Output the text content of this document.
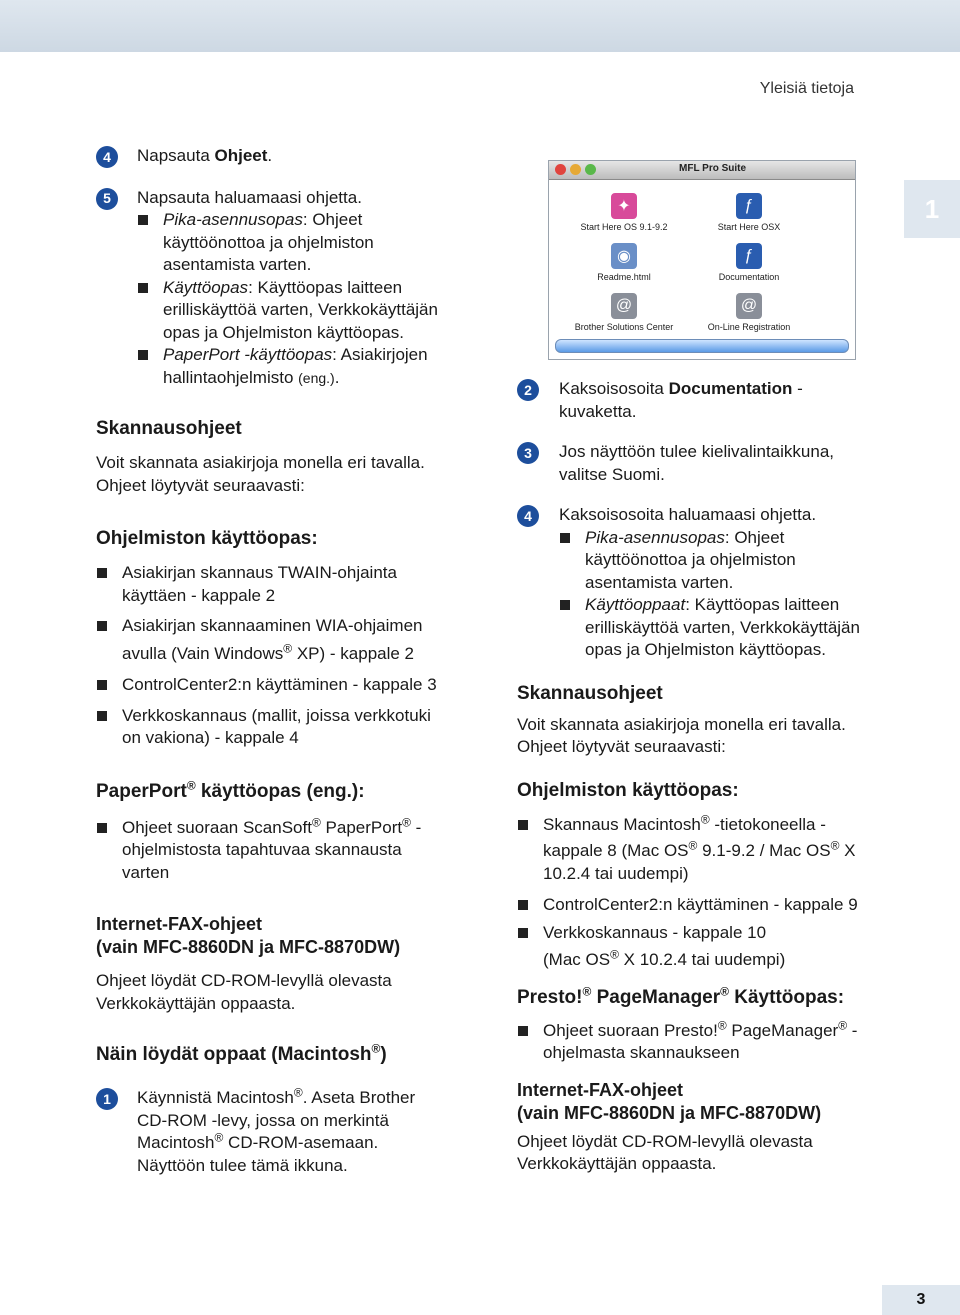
Yleisiä tietoja
1
3
4	Napsauta Ohjeet.
5	Napsauta haluamaasi ohjetta.
Pika-asennusopas: Ohjeet
käyttöönottoa ja ohjelmiston
asentamista varten.
Käyttöopas: Käyttöopas laitteen
erilliskäyttöä varten, Verkkokäyttäjän
opas ja Ohjelmiston käyttöopas.
PaperPort -käyttöopas: Asiakirjojen
hallintaohjelmisto (eng.).
Skannausohjeet

Voit skannata asiakirjoja monella eri tavalla.

Ohjeet löytyvät seuraavasti:

Ohjelmiston käyttöopas:
Asiakirjan skannaus TWAIN-ohjainta
käyttäen - kappale 2
Asiakirjan skannaaminen WIA-ohjaimen
avulla (Vain Windows® XP) - kappale 2
ControlCenter2:n käyttäminen - kappale 3
Verkkoskannaus (mallit, joissa verkkotuki
on vakiona) - kappale 4
PaperPort® käyttöopas (eng.):
Ohjeet suoraan ScanSoft® PaperPort® -
ohjelmistosta tapahtuvaa skannausta
varten
Internet-FAX-ohjeet
(vain MFC-8860DN ja MFC-8870DW)

Ohjeet löydät CD-ROM-levyllä olevasta

Verkkokäyttäjän oppaasta.

Näin löydät oppaat (Macintosh®)
1	Käynnistä Macintosh®. Aseta Brother
CD-ROM -levy, jossa on merkintä
Macintosh® CD-ROM-asemaan.
Näyttöön tulee tämä ikkuna.
MFL Pro Suite
✦
Start Here OS 9.1-9.2
ƒ
Start Here OSX
◉
Readme.html
ƒ
Documentation
@
Brother Solutions Center
@
On-Line Registration
2	Kaksoisosoita Documentation -
kuvaketta.
3	Jos näyttöön tulee kielivalintaikkuna,
valitse Suomi.
4	Kaksoisosoita haluamaasi ohjetta.
Pika-asennusopas: Ohjeet
käyttöönottoa ja ohjelmiston
asentamista varten.
Käyttöoppaat: Käyttöopas laitteen
erilliskäyttöä varten, Verkkokäyttäjän
opas ja Ohjelmiston käyttöopas.
Skannausohjeet

Voit skannata asiakirjoja monella eri tavalla.

Ohjeet löytyvät seuraavasti:

Ohjelmiston käyttöopas:
Skannaus Macintosh® -tietokoneella -
kappale 8 (Mac OS® 9.1-9.2 / Mac OS® X
10.2.4 tai uudempi)
ControlCenter2:n käyttäminen - kappale 9
Verkkoskannaus - kappale 10
(Mac OS® X 10.2.4 tai uudempi)
Presto!® PageManager® Käyttöopas:
Ohjeet suoraan Presto!® PageManager® -
ohjelmasta skannaukseen
Internet-FAX-ohjeet
(vain MFC-8860DN ja MFC-8870DW)

Ohjeet löydät CD-ROM-levyllä olevasta

Verkkokäyttäjän oppaasta.
